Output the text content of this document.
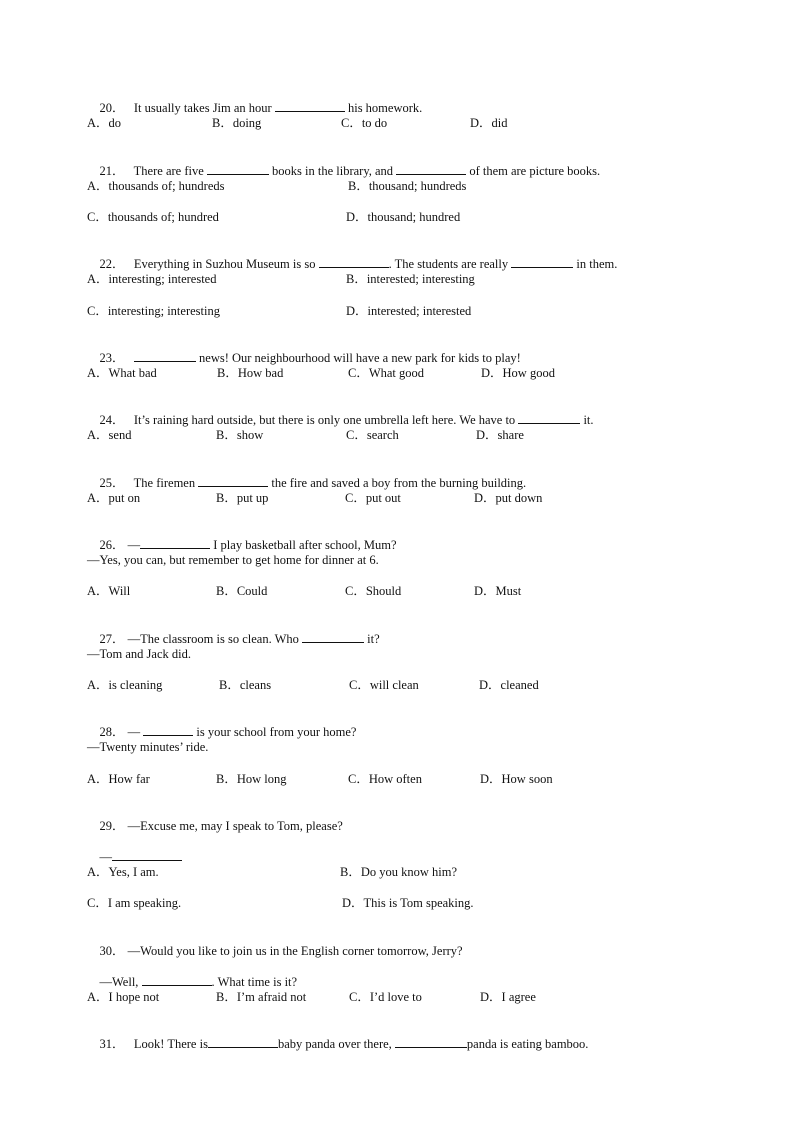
20． It usually takes Jim an hour	his homework.

A．do	B．doing	C．to do	D．did

21． There are five	books in the library, and	of them are picture books.

A．thousands of; hundreds	B．thousand; hundreds
C．thousands of; hundred	D．thousand; hundred

22． Everything in Suzhou Museum is so	. The students are really	in them.

A．interesting; interested	B．interested; interesting
C．interesting; interesting	D．interested; interested

23．	news! Our neighbourhood will have a new park for kids to play!

A．What bad	B．How bad	C．What good	D．How good

24． It’s raining hard outside, but there is only one umbrella left here. We have to	it.

A．send	B．show	C．search	D．share

25． The firemen	the fire and saved a boy from the burning building.

A．put on	B．put up	C．put out	D．put down

26． —	I play basketball after school, Mum?

—Yes, you can, but remember to get home for dinner at 6.
A．Will	B．Could	C．Should	D．Must

27． —The classroom is so clean. Who	it?

—Tom and Jack did.
A．is cleaning	B．cleans	C．will clean	D．cleaned

28． —	is your school from your home?

—Twenty minutes’ ride.
A．How far	B．How long	C．How often	D．How soon

29． —Excuse me, may I speak to Tom, please?

—

A．Yes, I am.	B．Do you know him?
C．I am speaking.	D．This is Tom speaking.

30． —Would you like to join us in the English corner tomorrow, Jerry?

—Well,	. What time is it?

A．I hope not	B．I’m afraid not	C．I’d love to	D．I agree

31． Look! There is	baby panda over there,	panda is eating bamboo.
